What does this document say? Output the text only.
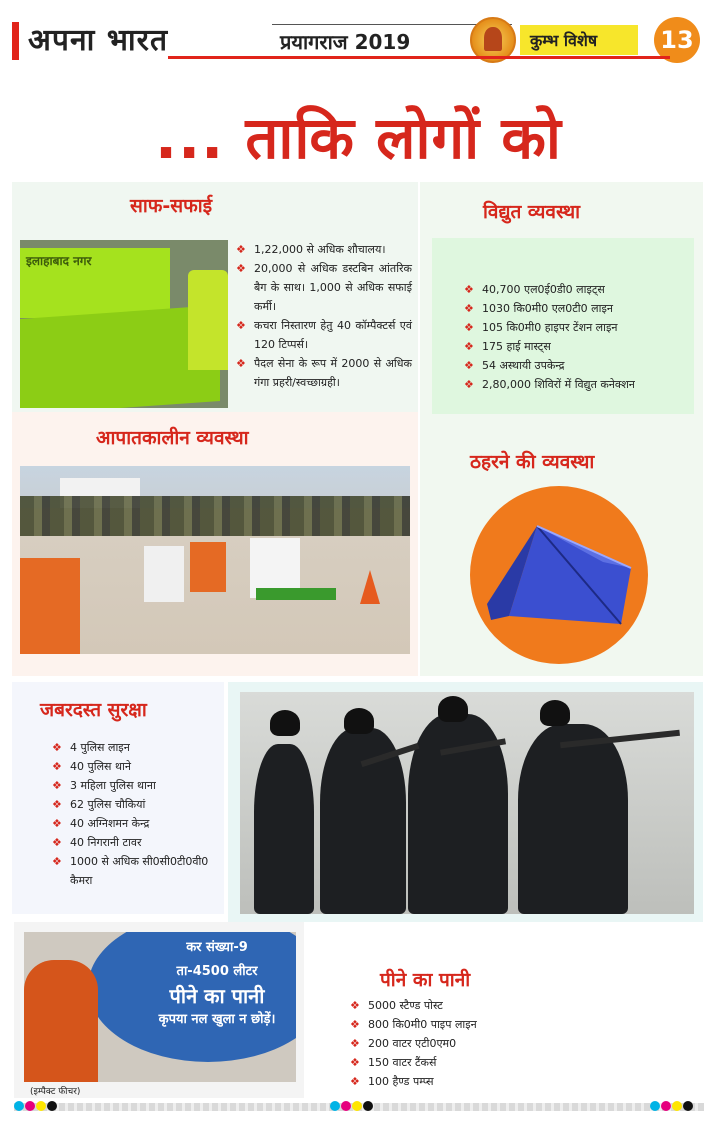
अपना भारत	प्रयागराज 2019	कुम्भ विशेष	13
... ताकि लोगों को
साफ-सफाई
इलाहाबाद नगर
❖ 1,22,000 से अधिक शौचालय।
❖ 20,000 से अधिक डस्टबिन आंतरिक बैग के साथ। 1,000 से अधिक सफाई कर्मी।
❖ कचरा निस्तारण हेतु 40 कॉम्पैक्टर्स एवं 120 टिप्पर्स।
❖ पैदल सेना के रूप में 2000 से अधिक गंगा प्रहरी/स्वच्छाग्रही।
विद्युत व्यवस्था
❖ 40,700 एल0ई0डी0 लाइट्स
❖ 1030 कि0मी0 एल0टी0 लाइन
❖ 105 कि0मी0 हाइपर टेंशन लाइन
❖ 175 हाई मास्ट्स
❖ 54 अस्थायी उपकेन्द्र
❖ 2,80,000 शिविरों में विद्युत कनेक्शन
आपातकालीन व्यवस्था
ठहरने की व्यवस्था
जबरदस्त सुरक्षा
❖ 4 पुलिस लाइन
❖ 40 पुलिस थाने
❖ 3 महिला पुलिस थाना
❖ 62 पुलिस चौकियां
❖ 40 अग्निशमन केन्द्र
❖ 40 निगरानी टावर
❖ 1000 से अधिक सी0सी0टी0वी0 कैमरा
कर संख्या-9
ता-4500 लीटर
पीने का पानी
कृपया नल खुला न छोड़ें।
(इम्पैक्ट फीचर)
पीने का पानी
❖ 5000 स्टैण्ड पोस्ट
❖ 800 कि0मी0 पाइप लाइन
❖ 200 वाटर एटी0एम0
❖ 150 वाटर टैंकर्स
❖ 100 हैण्ड पम्प्स
